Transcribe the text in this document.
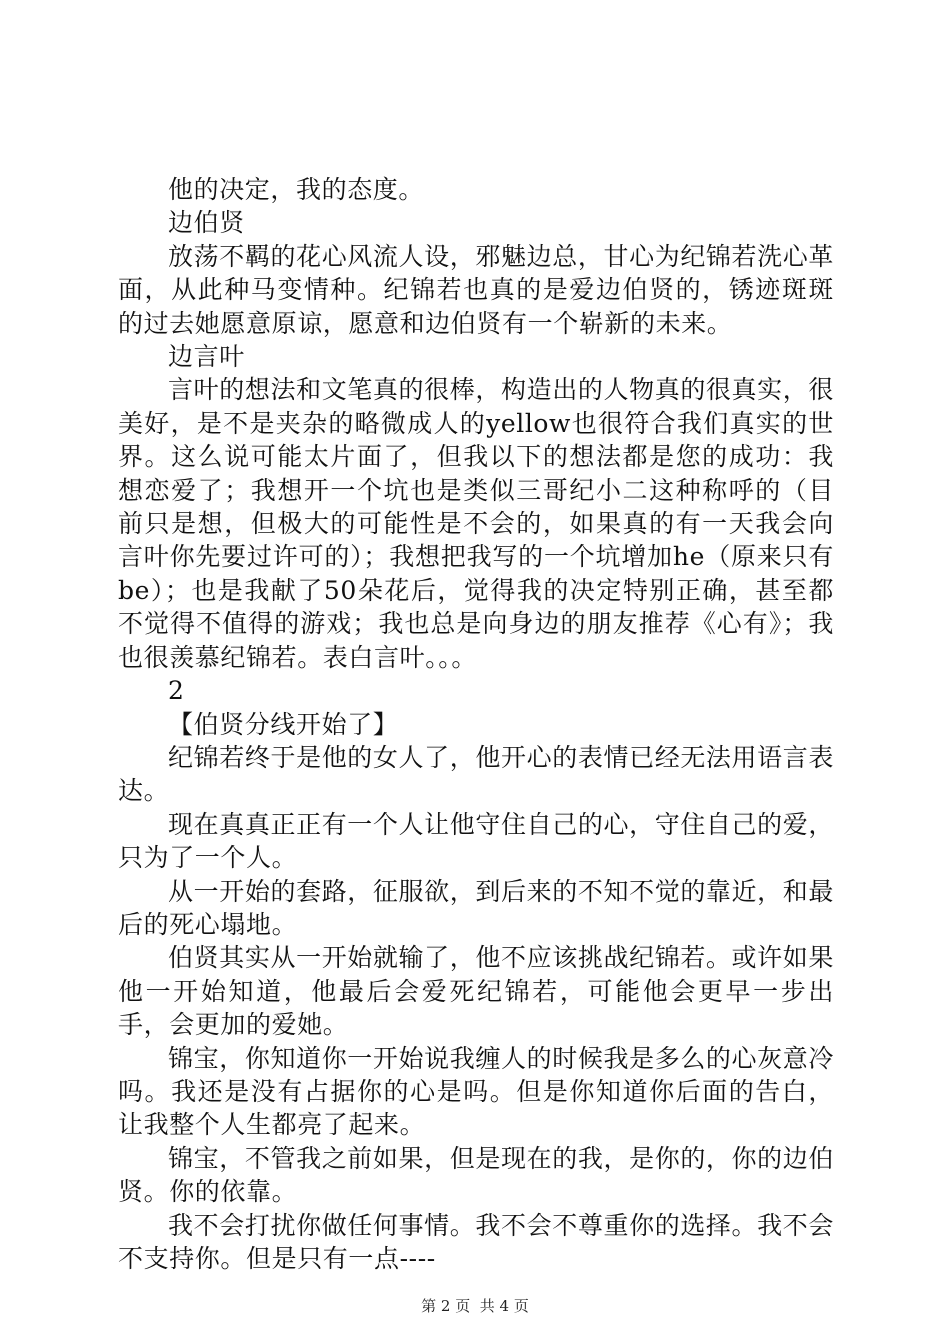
他的决定，我的态度。

边伯贤

放荡不羁的花心风流人设，邪魅边总，甘心为纪锦若洗心革面，从此种马变情种。纪锦若也真的是爱边伯贤的，锈迹斑斑的过去她愿意原谅，愿意和边伯贤有一个崭新的未来。

边言叶

言叶的想法和文笔真的很棒，构造出的人物真的很真实，很美好，是不是夹杂的略微成人的yellow也很符合我们真实的世界。这么说可能太片面了，但我以下的想法都是您的成功：我想恋爱了；我想开一个坑也是类似三哥纪小二这种称呼的（目前只是想，但极大的可能性是不会的，如果真的有一天我会向言叶你先要过许可的）；我想把我写的一个坑增加he（原来只有be）；也是我献了50朵花后，觉得我的决定特别正确，甚至都不觉得不值得的游戏；我也总是向身边的朋友推荐《心有》；我也很羡慕纪锦若。表白言叶。。。

2

【伯贤分线开始了】

纪锦若终于是他的女人了，他开心的表情已经无法用语言表达。

现在真真正正有一个人让他守住自己的心，守住自己的爱，只为了一个人。

从一开始的套路，征服欲，到后来的不知不觉的靠近，和最后的死心塌地。

伯贤其实从一开始就输了，他不应该挑战纪锦若。或许如果他一开始知道，他最后会爱死纪锦若，可能他会更早一步出手，会更加的爱她。

锦宝，你知道你一开始说我缠人的时候我是多么的心灰意冷吗。我还是没有占据你的心是吗。但是你知道你后面的告白，让我整个人生都亮了起来。

锦宝，不管我之前如果，但是现在的我，是你的，你的边伯贤。你的依靠。

我不会打扰你做任何事情。我不会不尊重你的选择。我不会不支持你。但是只有一点----

第 2 页  共 4 页
